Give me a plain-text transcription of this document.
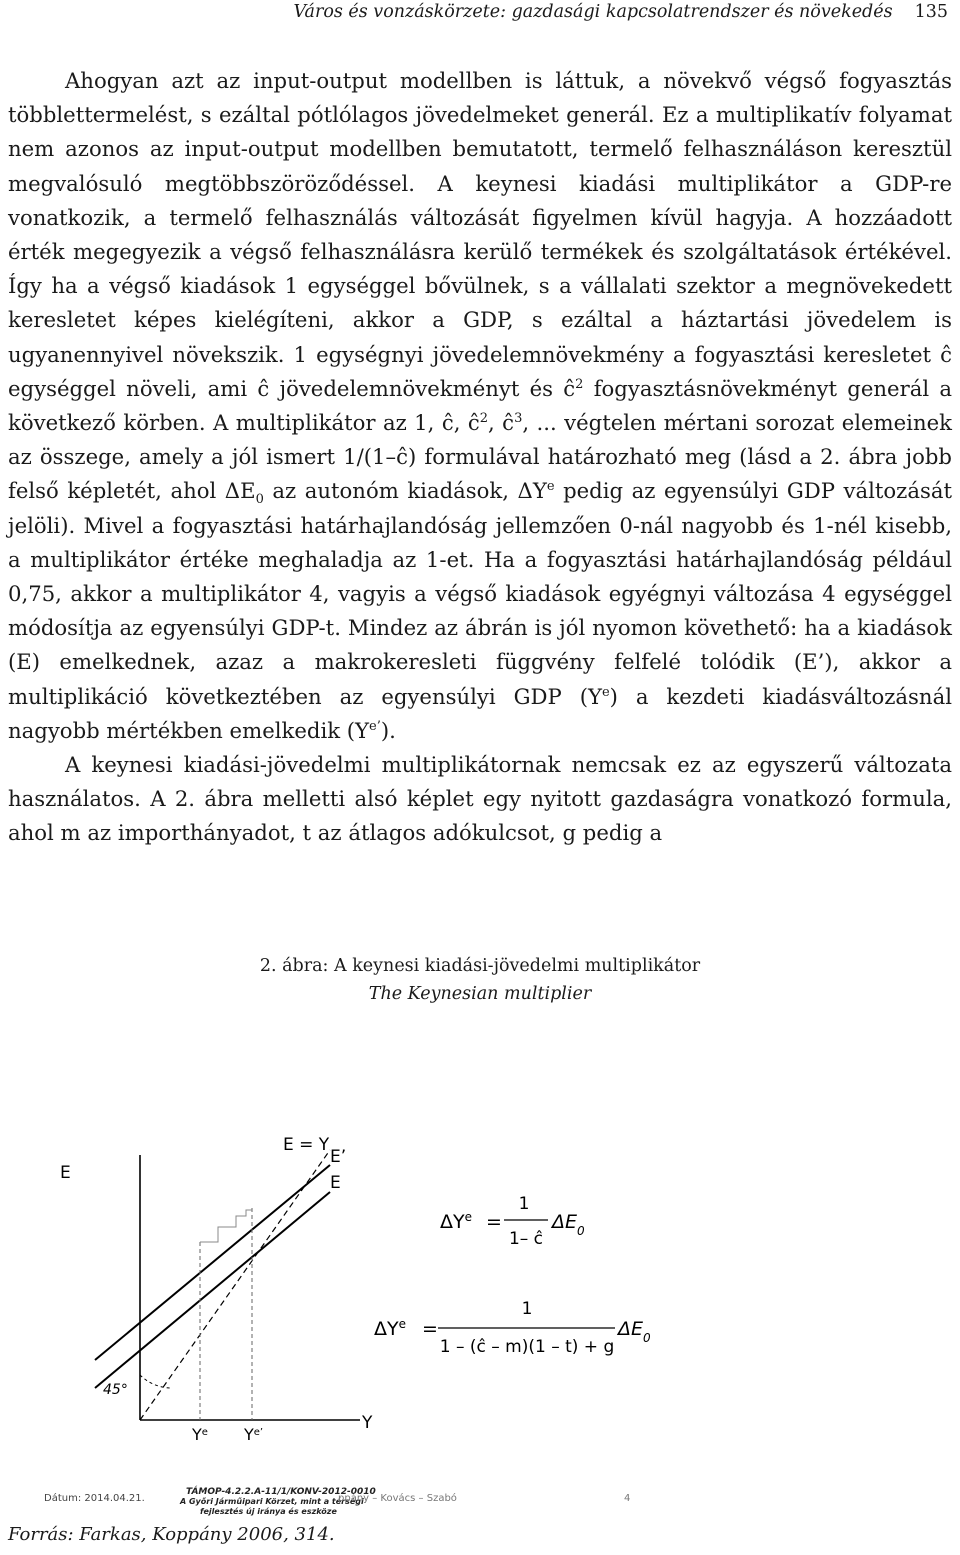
Város és vonzáskörzete: gazdasági kapcsolatrendszer és növekedés 135

Ahogyan azt az input-output modellben is láttuk, a növekvő végső fogyasztás többlettermelést, s ezáltal pótlólagos jövedelmeket generál. Ez a multiplikatív folyamat nem azonos az input-output modellben bemutatott, termelő felhasználáson keresztül megvalósuló megtöbbszöröződéssel. A keynesi kiadási multiplikátor a GDP-re vonatkozik, a termelő felhasználás változását figyelmen kívül hagyja. A hozzáadott érték megegyezik a végső felhasználásra kerülő termékek és szolgáltatások értékével. Így ha a végső kiadások 1 egységgel bővülnek, s a vállalati szektor a megnövekedett keresletet képes kielégíteni, akkor a GDP, s ezáltal a háztartási jövedelem is ugyanennyivel növekszik. 1 egységnyi jövedelemnövekmény a fogyasztási keresletet ĉ egységgel növeli, ami ĉ jövedelemnövekményt és $ĉ^2$ fogyasztásnövekményt generál a következő körben. A multiplikátor az 1, ĉ, $ĉ^2$, $ĉ^3$, ... végtelen mértani sorozat elemeinek az összege, amely a jól ismert 1/(1–ĉ) formulával határozható meg (lásd a 2. ábra jobb felső képletét, ahol $\Delta E_0$ az autonóm kiadások, $\Delta Y^e$ pedig az egyensúlyi GDP változását jelöli). Mivel a fogyasztási határhajlandóság jellemzően 0-nál nagyobb és 1-nél kisebb, a multiplikátor értéke meghaladja az 1-et. Ha a fogyasztási határhajlandóság például 0,75, akkor a multiplikátor 4, vagyis a végső kiadások egyégnyi változása 4 egységgel módosítja az egyensúlyi GDP-t. Mindez az ábrán is jól nyomon követhető: ha a kiadások (E) emelkednek, azaz a makrokeresleti függvény felfelé tolódik (E’), akkor a multiplikáció következtében az egyensúlyi GDP $(Y^e)$ a kezdeti kiadásváltozásnál nagyobb mértékben emelkedik $(Y^{e’})$.

A keynesi kiadási-jövedelmi multiplikátornak nemcsak ez az egyszerű változata használatos. A 2. ábra melletti alsó képlet egy nyitott gazdaságra vonatkozó formula, ahol m az importhányadot, t az átlagos adókulcsot, g pedig a

2. ábra: A keynesi kiadási-jövedelmi multiplikátor
The Keynesian multiplier
E
Y
E = Y
E’
E
45°
$Y^e$ $Y^{e’}$
$\Delta Y^e$ =
1
1– ĉ
$\Delta E_0$
$\Delta Y^e$ =
1
1 – (ĉ – m)(1 – t) + g
$\Delta E_0$
Dátum: 2014.04.21.
TÁMOP-4.2.2.A-11/1/KONV-2012-0010
A Győri Járműipari Körzet, mint a térségi
fejlesztés új iránya és eszköze
ppány – Kovács – Szabó	4
Forrás: Farkas, Koppány 2006, 314.
